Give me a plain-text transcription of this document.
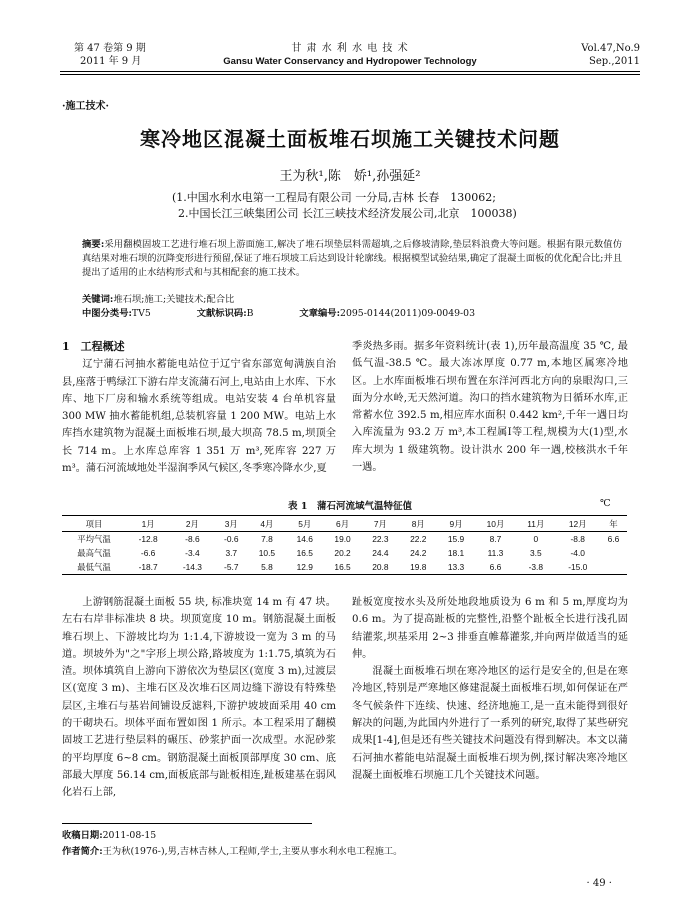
第 47 卷第 9 期
2011 年 9 月
甘 肃 水 利 水 电 技 术
Gansu Water Conservancy and Hydropower Technology
Vol.47,No.9
Sep.,2011
·施工技术·
寒冷地区混凝土面板堆石坝施工关键技术问题
王为秋¹,陈　娇¹,孙强延²
(1.中国水利水电第一工程局有限公司 一分局,吉林 长春　130062;
2.中国长江三峡集团公司 长江三峡技术经济发展公司,北京　100038)
摘要:采用翻模固坡工艺进行堆石坝上游面施工,解决了堆石坝垫层料需超填,之后修坡清除,垫层料浪费大等问题。根据有限元数值仿真结果对堆石坝的沉降变形进行预留,保证了堆石坝坡工后达到设计轮廓线。根据模型试验结果,确定了混凝土面板的优化配合比;并且提出了适用的止水结构形式和与其相配套的施工技术。
关键词:堆石坝;施工;关键技术;配合比
中图分类号:TV5	文献标识码:B	文章编号:2095-0144(2011)09-0049-03
1　工程概述

辽宁蒲石河抽水蓄能电站位于辽宁省东部宽甸满族自治县,座落于鸭绿江下游右岸支流蒲石河上,电站由上水库、下水库、地下厂房和输水系统等组成。电站安装 4 台单机容量 300 MW 抽水蓄能机组,总装机容量 1 200 MW。电站上水库挡水建筑物为混凝土面板堆石坝,最大坝高 78.5 m,坝顶全长 714 m。上水库总库容 1 351 万 m³,死库容 227 万 m³。蒲石河流域地处半湿润季风气候区,冬季寒冷降水少,夏

季炎热多雨。据多年资料统计(表 1),历年最高温度 35 ℃, 最低气温-38.5 ℃。最大冻冰厚度 0.77 m,本地区属寒冷地区。上水库面板堆石坝布置在东洋河西北方向的泉眼沟口,三面为分水岭,无天然河道。沟口的挡水建筑物为日循环水库,正常蓄水位 392.5 m,相应库水面积 0.442 km²,千年一遇日均入库流量为 93.2 万 m³,本工程属Ⅰ等工程,规模为大(1)型,水库大坝为 1 级建筑物。设计洪水 200 年一遇,校核洪水千年一遇。

表 1　蒲石河流域气温特征值	℃
项目	1月	2月	3月	4月	5月	6月	7月	8月	9月	10月	11月	12月	年
平均气温	-12.8	-8.6	-0.6	7.8	14.6	19.0	22.3	22.2	15.9	8.7	0	-8.8	6.6
最高气温	-6.6	-3.4	3.7	10.5	16.5	20.2	24.4	24.2	18.1	11.3	3.5	-4.0	
最低气温	-18.7	-14.3	-5.7	5.8	12.9	16.5	20.8	19.8	13.3	6.6	-3.8	-15.0	

上游钢筋混凝土面板 55 块, 标准块宽 14 m 有 47 块。左右右岸非标准块 8 块。坝顶宽度 10 m。钢筋混凝土面板堆石坝上、下游坡比均为 1:1.4,下游坡设一宽为 3 m 的马道。坝坡外为"之"字形上坝公路,路坡度为 1:1.75,填筑为石渣。坝体填筑自上游向下游依次为垫层区(宽度 3 m),过渡层区(宽度 3 m)、主堆石区及次堆石区周边缝下游设有特殊垫层区,主堆石与基岩间铺设反滤料,下游护坡坡面采用 40 cm 的干砌块石。坝体平面布置如图 1 所示。本工程采用了翻模固坡工艺进行垫层料的碾压、砂浆护面一次成型。水泥砂浆的平均厚度 6~8 cm。钢筋混凝土面板顶部厚度 30 cm、底部最大厚度 56.14 cm,面板底部与趾板相连,趾板建基在弱风化岩石上部,

趾板宽度按水头及所处地段地质设为 6 m 和 5 m,厚度均为 0.6 m。为了提高趾板的完整性,沿整个趾板全长进行浅孔固结灌浆,坝基采用 2~3 排垂直帷幕灌浆,并向两岸做适当的延伸。

混凝土面板堆石坝在寒冷地区的运行是安全的,但是在寒冷地区,特别是严寒地区修建混凝土面板堆石坝,如何保证在严冬气候条件下连续、快速、经济地施工,是一直未能得到很好解决的问题,为此国内外进行了一系列的研究,取得了某些研究成果[1-4],但是还有些关键技术问题没有得到解决。本文以蒲石河抽水蓄能电站混凝土面板堆石坝为例,探讨解决寒冷地区混凝土面板堆石坝施工几个关键技术问题。

收稿日期:2011-08-15
作者简介:王为秋(1976-),男,吉林吉林人,工程师,学士,主要从事水利水电工程施工。
· 49 ·
